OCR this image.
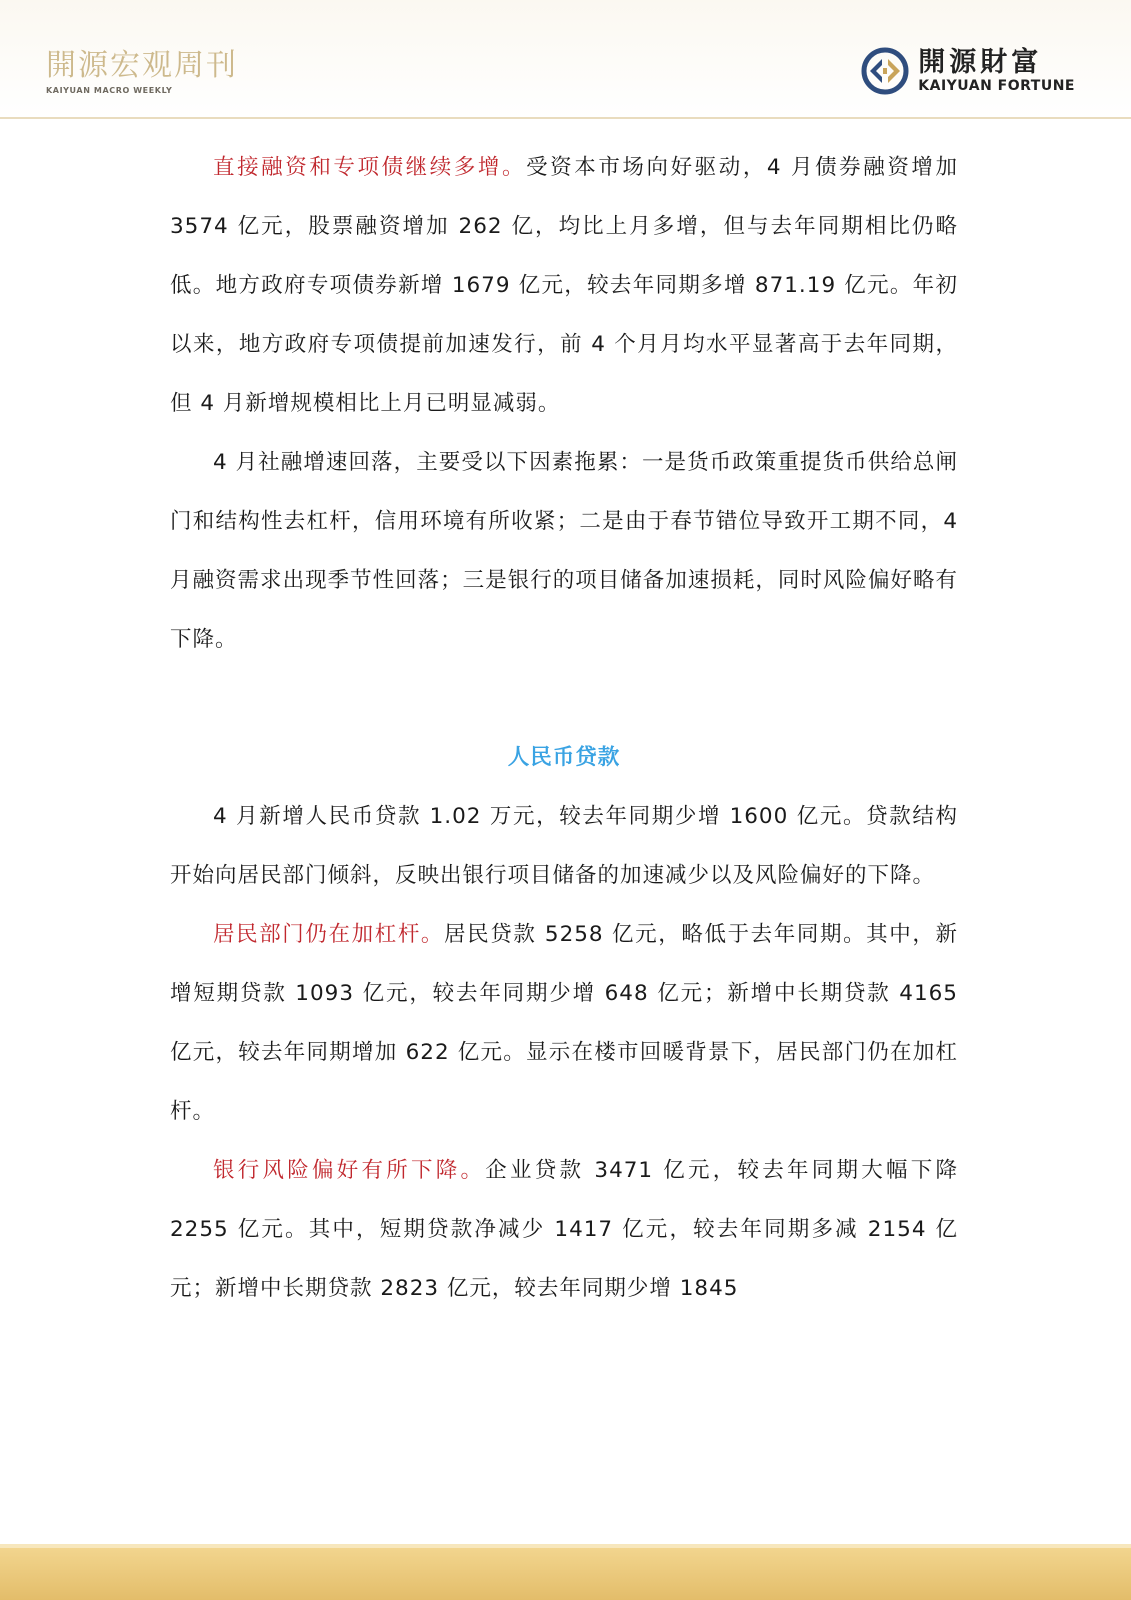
開源宏观周刊
KAIYUAN MACRO WEEKLY
開源財富
KAIYUAN FORTUNE

直接融资和专项债继续多增。受资本市场向好驱动，4 月债券融资增加 3574 亿元，股票融资增加 262 亿，均比上月多增，但与去年同期相比仍略低。地方政府专项债券新增 1679 亿元，较去年同期多增 871.19 亿元。年初以来，地方政府专项债提前加速发行，前 4 个月月均水平显著高于去年同期，但 4 月新增规模相比上月已明显减弱。

4 月社融增速回落，主要受以下因素拖累：一是货币政策重提货币供给总闸门和结构性去杠杆，信用环境有所收紧；二是由于春节错位导致开工期不同，4 月融资需求出现季节性回落；三是银行的项目储备加速损耗，同时风险偏好略有下降。

人民币贷款

4 月新增人民币贷款 1.02 万元，较去年同期少增 1600 亿元。贷款结构开始向居民部门倾斜，反映出银行项目储备的加速减少以及风险偏好的下降。

居民部门仍在加杠杆。居民贷款 5258 亿元，略低于去年同期。其中，新增短期贷款 1093 亿元，较去年同期少增 648 亿元；新增中长期贷款 4165 亿元，较去年同期增加 622 亿元。显示在楼市回暖背景下，居民部门仍在加杠杆。

银行风险偏好有所下降。企业贷款 3471 亿元，较去年同期大幅下降 2255 亿元。其中，短期贷款净减少 1417 亿元，较去年同期多减 2154 亿元；新增中长期贷款 2823 亿元，较去年同期少增 1845
